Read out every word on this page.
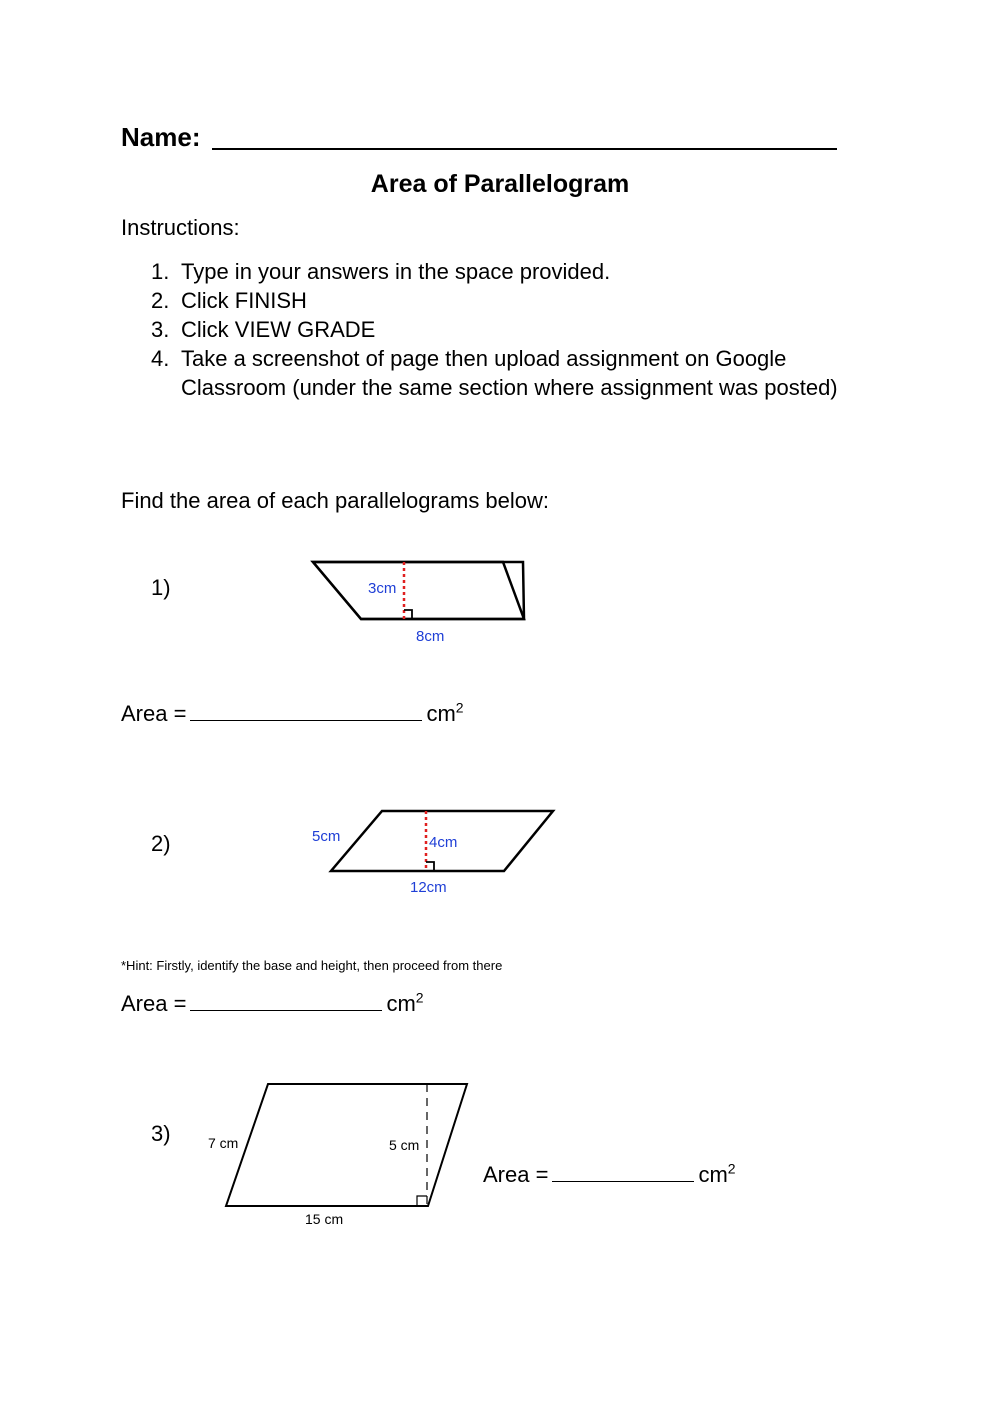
Name:
Area of Parallelogram
Instructions:
1. Type in your answers in the space provided.
2. Click FINISH
3. Click VIEW GRADE
4. Take a screenshot of page then upload assignment on Google Classroom (under the same section where assignment was posted)
Find the area of each parallelograms below:
1)	3cm
8cm
Area =	$cm^2$
2)	5cm	4cm
12cm
*Hint: Firstly, identify the base and height, then proceed from there
Area =	$cm^2$
3)	7 cm	5 cm
15 cm
Area =	$cm^2$
